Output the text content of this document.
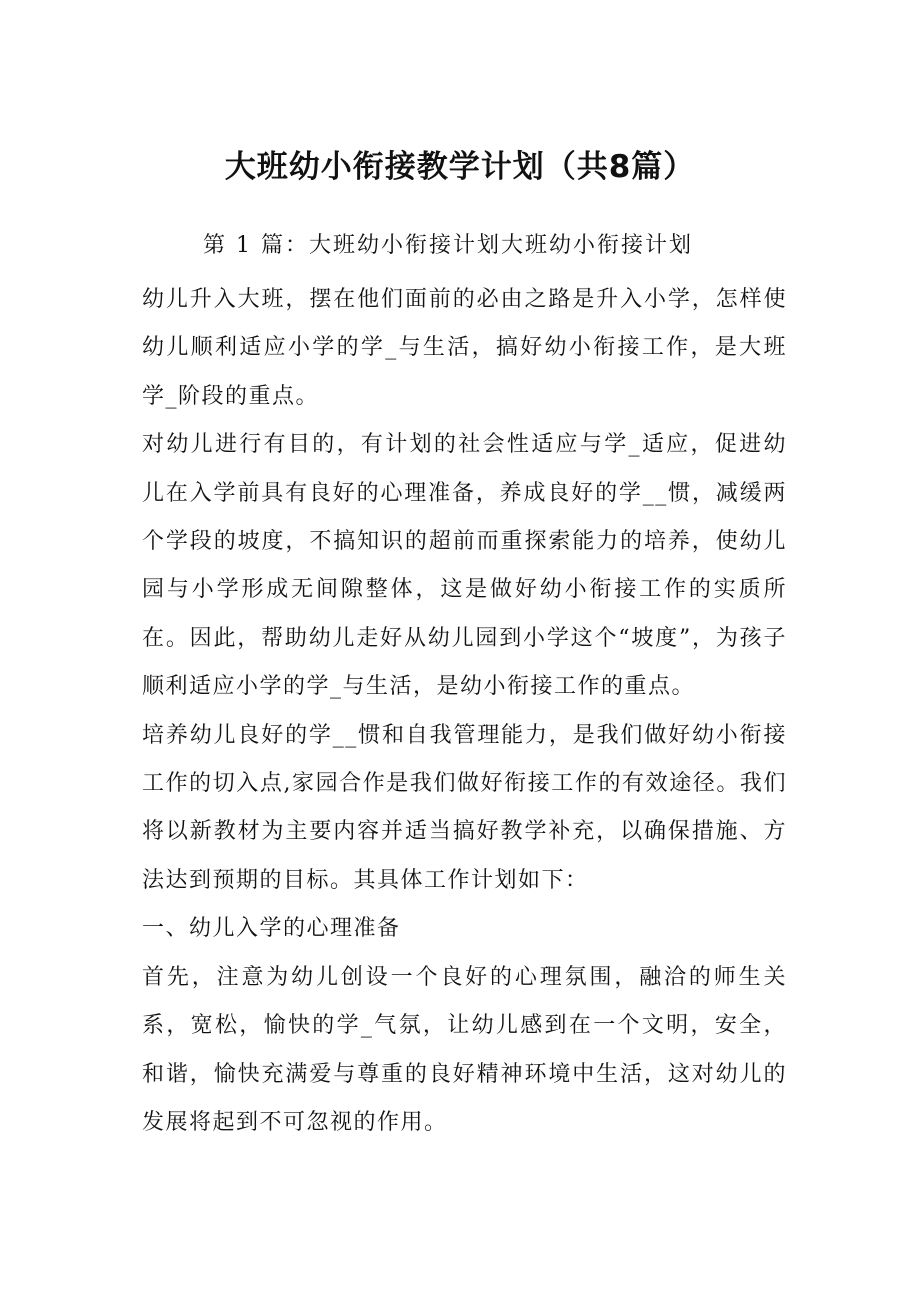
大班幼小衔接教学计划（共8篇）

第 1 篇：大班幼小衔接计划大班幼小衔接计划

幼儿升入大班，摆在他们面前的必由之路是升入小学，怎样使幼儿顺利适应小学的学_与生活，搞好幼小衔接工作，是大班学_阶段的重点。

对幼儿进行有目的，有计划的社会性适应与学_适应，促进幼儿在入学前具有良好的心理准备，养成良好的学__惯，减缓两个学段的坡度，不搞知识的超前而重探索能力的培养，使幼儿园与小学形成无间隙整体，这是做好幼小衔接工作的实质所在。因此，帮助幼儿走好从幼儿园到小学这个“坡度”，为孩子顺利适应小学的学_与生活，是幼小衔接工作的重点。

培养幼儿良好的学__惯和自我管理能力，是我们做好幼小衔接工作的切入点,家园合作是我们做好衔接工作的有效途径。我们将以新教材为主要内容并适当搞好教学补充，以确保措施、方法达到预期的目标。其具体工作计划如下：

一、幼儿入学的心理准备

首先，注意为幼儿创设一个良好的心理氛围，融洽的师生关系，宽松，愉快的学_气氛，让幼儿感到在一个文明，安全，和谐，愉快充满爱与尊重的良好精神环境中生活，这对幼儿的发展将起到不可忽视的作用。
